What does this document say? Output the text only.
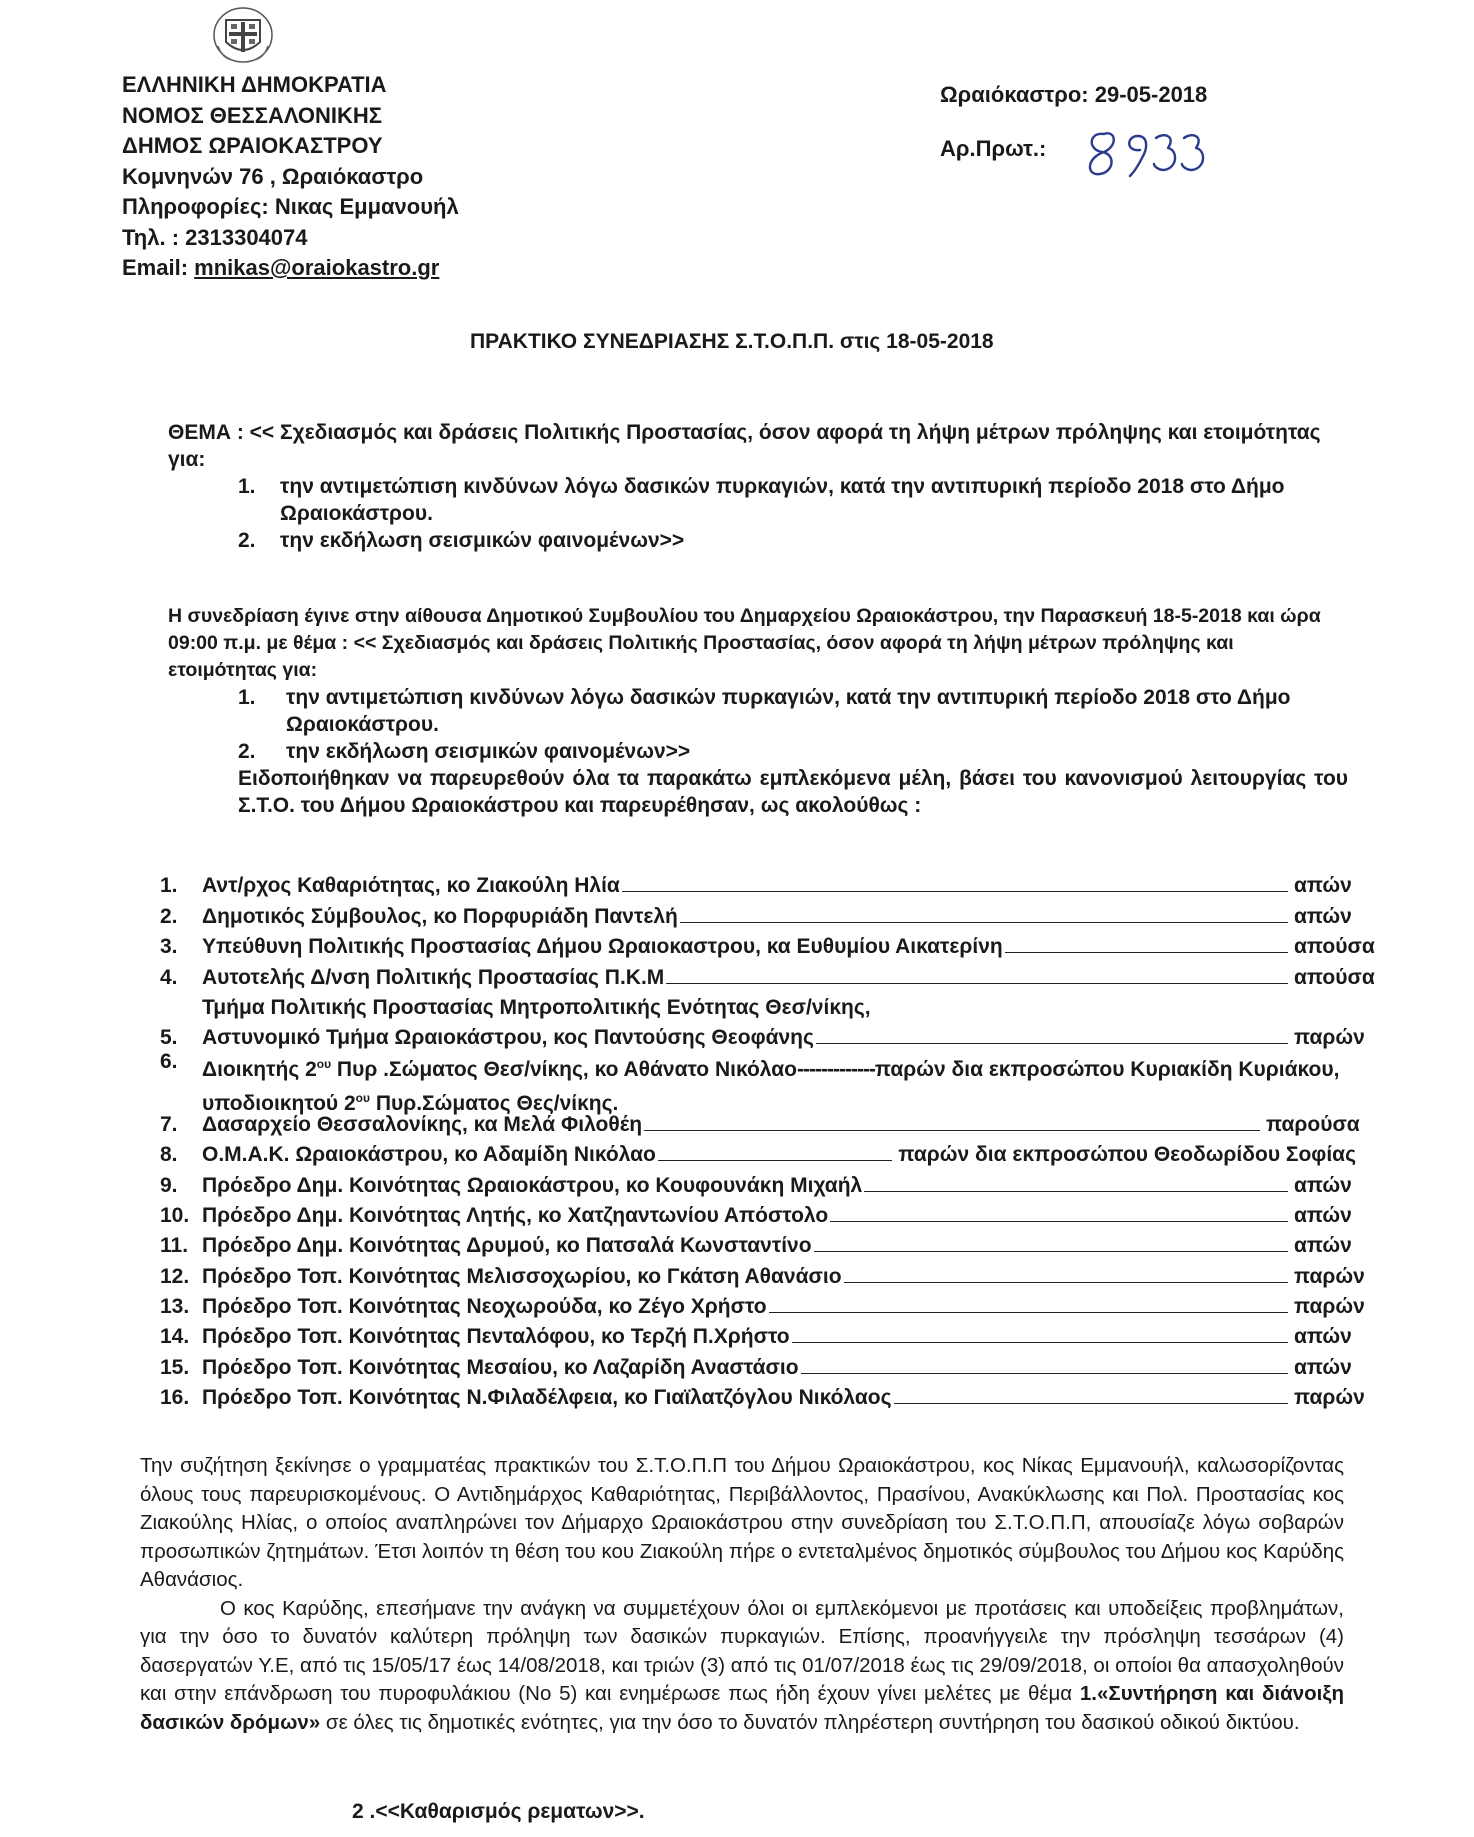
ΕΛΛΗΝΙΚΗ ΔΗΜΟΚΡΑΤΙΑ
ΝΟΜΟΣ ΘΕΣΣΑΛΟΝΙΚΗΣ
ΔΗΜΟΣ ΩΡΑΙΟΚΑΣΤΡΟΥ
Κομνηνών 76 , Ωραιόκαστρο
Πληροφορίες: Νικας Εμμανουήλ
Τηλ. : 2313304074
Email: mnikas@oraiokastro.gr
Ωραιόκαστρο: 29-05-2018
Αρ.Πρωτ.:
ΠΡΑΚΤΙΚΟ ΣΥΝΕΔΡΙΑΣΗΣ Σ.Τ.Ο.Π.Π. στις 18-05-2018
ΘΕΜΑ : << Σχεδιασμός και δράσεις Πολιτικής Προστασίας, όσον αφορά τη λήψη μέτρων πρόληψης και ετοιμότητας για:
1.	την αντιμετώπιση κινδύνων λόγω δασικών πυρκαγιών, κατά την αντιπυρική περίοδο 2018 στο Δήμο Ωραιοκάστρου.
2.	την εκδήλωση σεισμικών φαινομένων>>
Η συνεδρίαση έγινε στην αίθουσα Δημοτικού Συμβουλίου του Δημαρχείου Ωραιοκάστρου, την Παρασκευή 18-5-2018 και ώρα 09:00 π.μ. με θέμα : << Σχεδιασμός και δράσεις Πολιτικής Προστασίας, όσον αφορά τη λήψη μέτρων πρόληψης και ετοιμότητας για:
1.	την αντιμετώπιση κινδύνων λόγω δασικών πυρκαγιών, κατά την αντιπυρική περίοδο 2018 στο Δήμο Ωραιοκάστρου.
2.	την εκδήλωση σεισμικών φαινομένων>>
Ειδοποιήθηκαν να παρευρεθούν όλα τα παρακάτω εμπλεκόμενα μέλη, βάσει του κανονισμού λειτουργίας του Σ.Τ.Ο. του Δήμου Ωραιοκάστρου και παρευρέθησαν, ως ακολούθως :
1.	Αντ/ρχος Καθαριότητας, κο Ζιακούλη Ηλία	απών
2.	Δημοτικός Σύμβουλος, κο Πορφυριάδη Παντελή	απών
3.	Υπεύθυνη Πολιτικής Προστασίας Δήμου Ωραιοκαστρου, κα Ευθυμίου Αικατερίνη	απούσα
4.	Αυτοτελής Δ/νση Πολιτικής Προστασίας Π.Κ.Μ	απούσα
Τμήμα Πολιτικής Προστασίας Μητροπολιτικής Ενότητας Θεσ/νίκης,
5.	Αστυνομικό Τμήμα Ωραιοκάστρου, κος Παντούσης Θεοφάνης	παρών
6.	Διοικητής $2^{o\upsilon}$ Πυρ .Σώματος Θεσ/νίκης, κο Αθάνατο Νικόλαο-------------παρών δια εκπροσώπου Κυριακίδη Κυριάκου, υποδιοικητού $2^{o\upsilon}$ Πυρ.Σώματος Θες/νίκης.
7.	Δασαρχείο Θεσσαλονίκης, κα Μελά Φιλοθέη	παρούσα
8.	Ο.Μ.Α.Κ. Ωραιοκάστρου, κο Αδαμίδη Νικόλαο	παρών δια εκπροσώπου Θεοδωρίδου Σοφίας
9.	Πρόεδρο Δημ. Κοινότητας Ωραιοκάστρου, κο Κουφουνάκη Μιχαήλ	απών
10. Πρόεδρο Δημ. Κοινότητας Λητής, κο Χατζηαντωνίου Απόστολο	απών
11. Πρόεδρο Δημ. Κοινότητας Δρυμού, κο Πατσαλά Κωνσταντίνο	απών
12. Πρόεδρο Τοπ. Κοινότητας Μελισσοχωρίου, κο Γκάτση Αθανάσιο	παρών
13. Πρόεδρο Τοπ. Κοινότητας Νεοχωρούδα, κο Ζέγο Χρήστο	παρών
14. Πρόεδρο Τοπ. Κοινότητας Πενταλόφου, κο Τερζή Π.Χρήστο	απών
15. Πρόεδρο Τοπ. Κοινότητας Μεσαίου, κο Λαζαρίδη Αναστάσιο	απών
16. Πρόεδρο Τοπ. Κοινότητας Ν.Φιλαδέλφεια, κο Γιαϊλατζόγλου Νικόλαος	παρών

Την συζήτηση ξεκίνησε ο γραμματέας πρακτικών του Σ.Τ.Ο.Π.Π του Δήμου Ωραιοκάστρου, κος Νίκας Εμμανουήλ, καλωσορίζοντας όλους τους παρευρισκομένους. Ο Αντιδημάρχος Καθαριότητας, Περιβάλλοντος, Πρασίνου, Ανακύκλωσης και Πολ. Προστασίας κος Ζιακούλης Ηλίας, ο οποίος αναπληρώνει τον Δήμαρχο Ωραιοκάστρου στην συνεδρίαση του Σ.Τ.Ο.Π.Π, απουσίαζε λόγω σοβαρών προσωπικών ζητημάτων. Έτσι λοιπόν τη θέση του κου Ζιακούλη πήρε ο εντεταλμένος δημοτικός σύμβουλος του Δήμου κος Καρύδης Αθανάσιος.

Ο κος Καρύδης, επεσήμανε την ανάγκη να συμμετέχουν όλοι οι εμπλεκόμενοι με προτάσεις και υποδείξεις προβλημάτων, για την όσο το δυνατόν καλύτερη πρόληψη των δασικών πυρκαγιών. Επίσης, προανήγγειλε την πρόσληψη τεσσάρων (4) δασεργατών Υ.Ε, από τις 15/05/17 έως 14/08/2018, και τριών (3) από τις 01/07/2018 έως τις 29/09/2018, οι οποίοι θα απασχοληθούν και στην επάνδρωση του πυροφυλάκιου (Νο 5) και ενημέρωσε πως ήδη έχουν γίνει μελέτες με θέμα 1.«Συντήρηση και διάνοιξη δασικών δρόμων» σε όλες τις δημοτικές ενότητες, για την όσο το δυνατόν πληρέστερη συντήρηση του δασικού οδικού δικτύου.

2 .<<Καθαρισμός ρεματων>>.
